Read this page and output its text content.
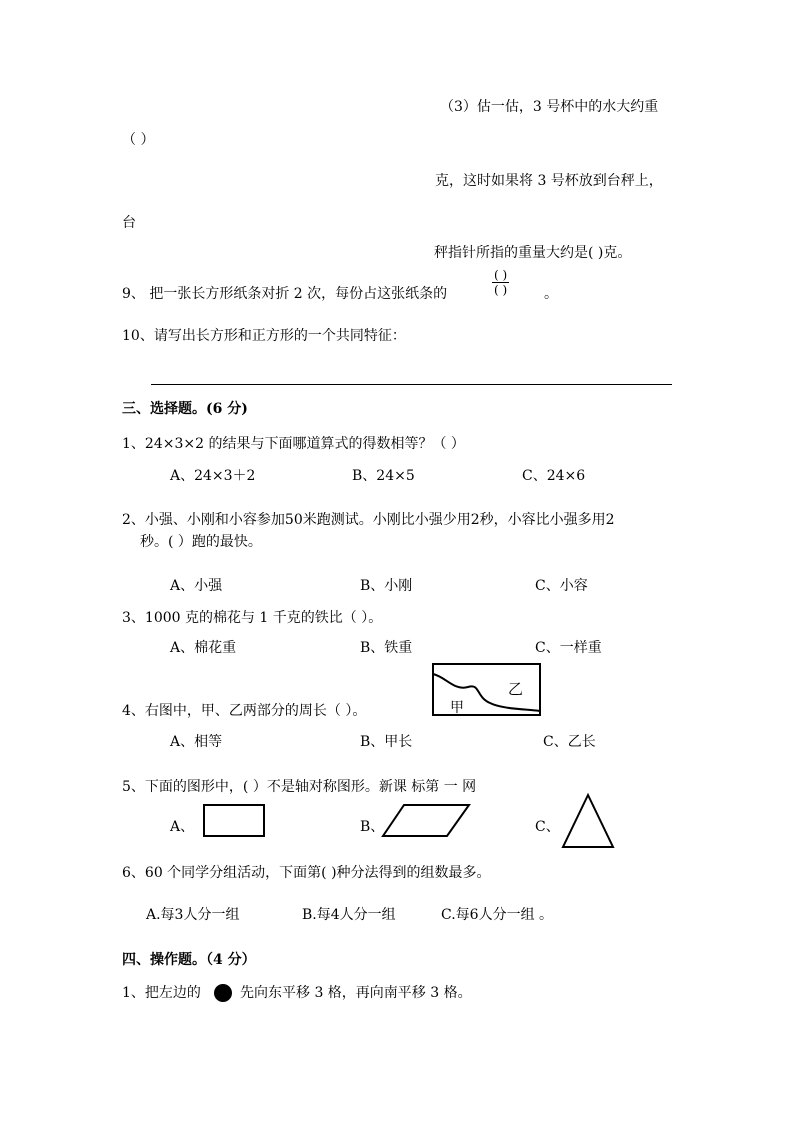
（3）估一估，3 号杯中的水大约重
（ ）
克，这时如果将 3 号杯放到台秤上，
台
秤指针所指的重量大约是( )克。
9、 把一张长方形纸条对折 2 次，每份占这张纸条的
( )
( )	。
10、请写出长方形和正方形的一个共同特征：
三、选择题。(6 分)
1、24×3×2 的结果与下面哪道算式的得数相等？（ ）
A、24×3＋2	B、24×5	C、24×6
2、小强、小刚和小容参加50米跑测试。小刚比小强少用2秒，小容比小强多用2
秒。( ）跑的最快。
A、小强	B、小刚	C、小容
3、1000 克的棉花与 1 千克的铁比（ ）。
A、棉花重	B、铁重	C、一样重
4、右图中，甲、乙两部分的周长（ ）。	甲
乙
A、相等	B、甲长	C、乙长
5、下面的图形中，( ）不是轴对称图形。新课 标第 一 网
A、	B、	C、
6、60 个同学分组活动，下面第( )种分法得到的组数最多。
A.每3人分一组	B.每4人分一组	C.每6人分一组 。
四、操作题。（4 分）
1、把左边的	先向东平移 3 格，再向南平移 3 格。
